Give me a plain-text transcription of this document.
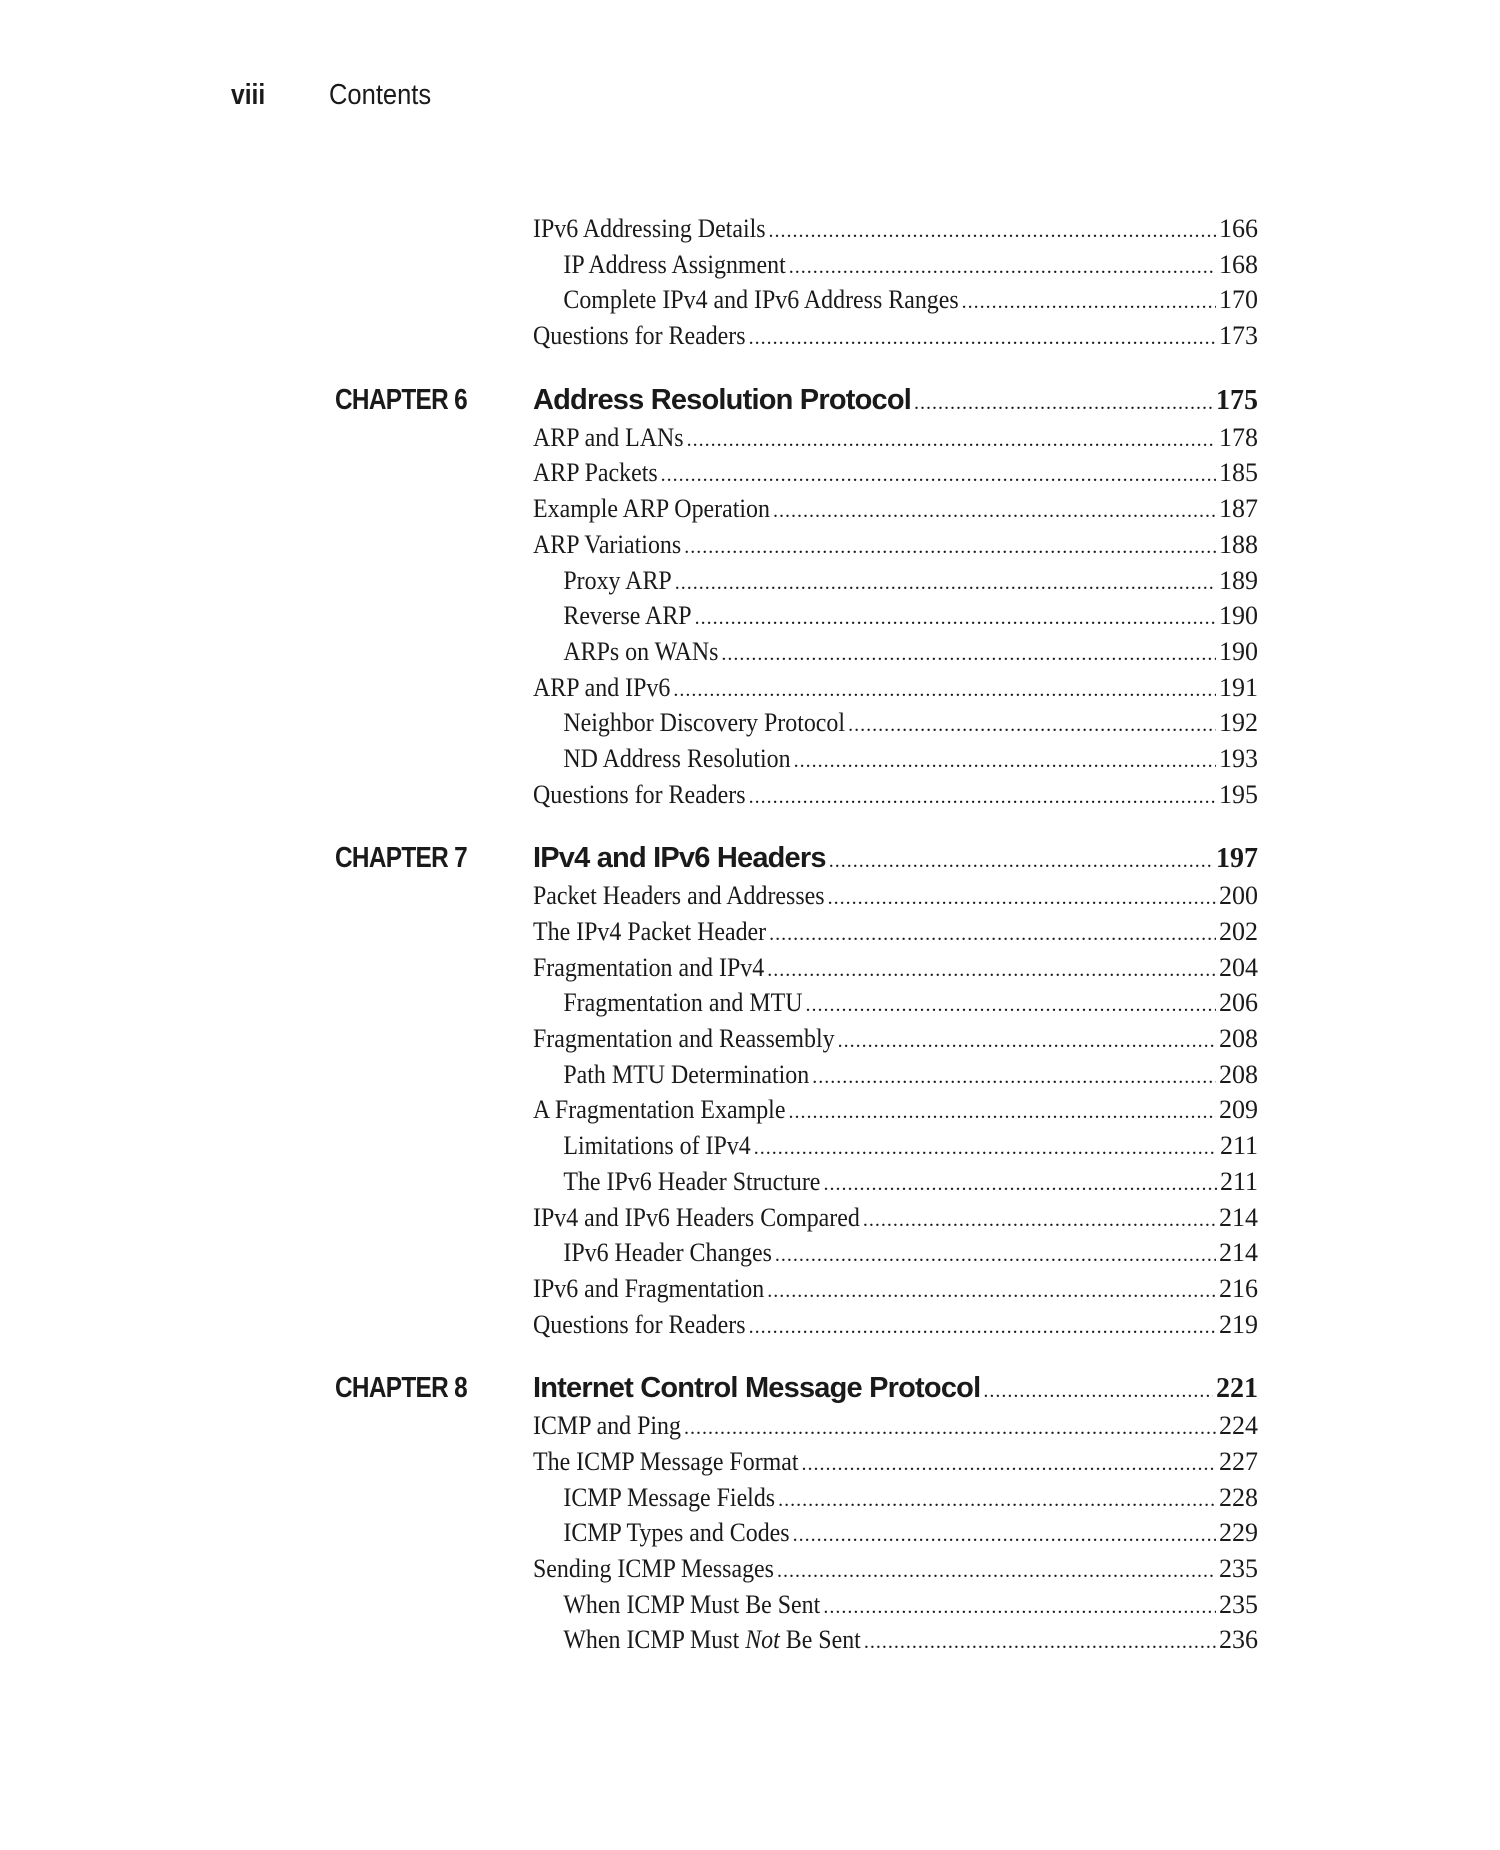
viii Contents
IPv6 Addressing Details .....	166
IP Address Assignment .....	168
Complete IPv4 and IPv6 Address Ranges .....	170
Questions for Readers .....	173
CHAPTER 6	Address Resolution Protocol .....	175
ARP and LANs .....	178
ARP Packets .....	185
Example ARP Operation .....	187
ARP Variations .....	188
Proxy ARP .....	189
Reverse ARP .....	190
ARPs on WANs .....	190
ARP and IPv6 .....	191
Neighbor Discovery Protocol .....	192
ND Address Resolution .....	193
Questions for Readers .....	195
CHAPTER 7	IPv4 and IPv6 Headers .....	197
Packet Headers and Addresses .....	200
The IPv4 Packet Header .....	202
Fragmentation and IPv4 .....	204
Fragmentation and MTU .....	206
Fragmentation and Reassembly .....	208
Path MTU Determination .....	208
A Fragmentation Example .....	209
Limitations of IPv4 .....	211
The IPv6 Header Structure .....	211
IPv4 and IPv6 Headers Compared .....	214
IPv6 Header Changes .....	214
IPv6 and Fragmentation .....	216
Questions for Readers .....	219
CHAPTER 8	Internet Control Message Protocol .....	221
ICMP and Ping .....	224
The ICMP Message Format .....	227
ICMP Message Fields .....	228
ICMP Types and Codes .....	229
Sending ICMP Messages .....	235
When ICMP Must Be Sent .....	235
When ICMP Must Not Be Sent .....	236
